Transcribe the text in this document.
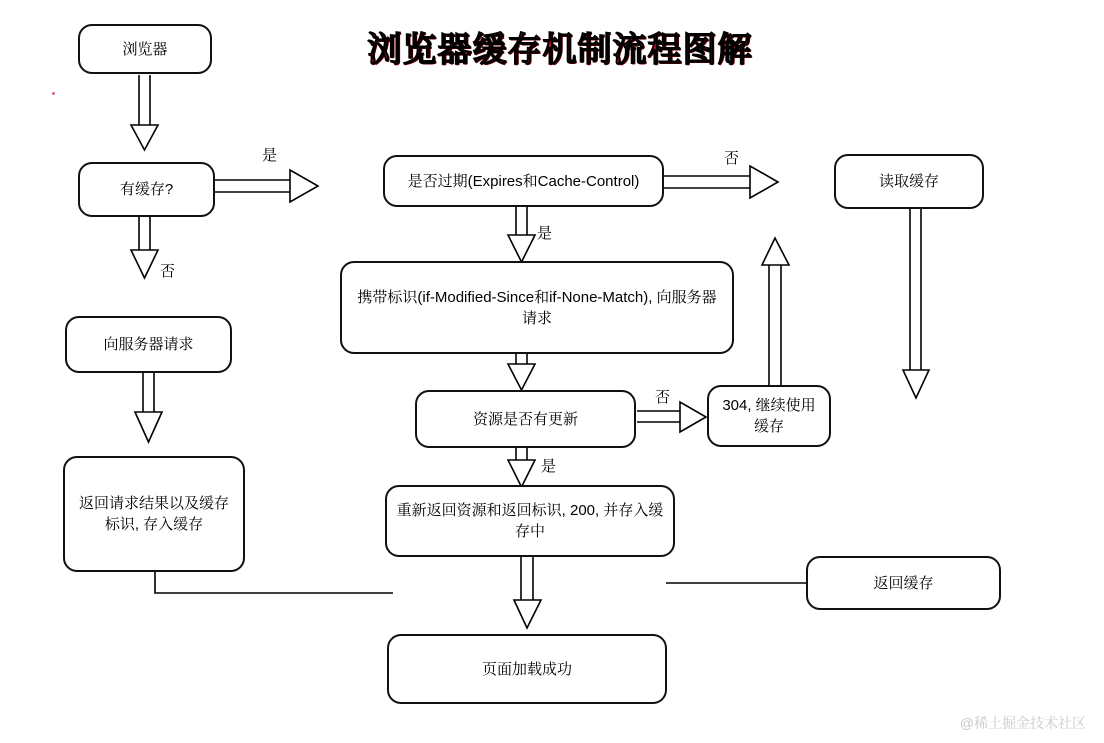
浏览器缓存机制流程图解
浏览器
有缓存?	是否过期(Expires和Cache-Control)	读取缓存
向服务器请求
携带标识(if-Modified-Since和if-None-Match), 向服务器请求
资源是否有更新
304, 继续使用缓存
返回请求结果以及缓存标识, 存入缓存
重新返回资源和返回标识, 200, 并存入缓存中
返回缓存
页面加载成功
是
否
否
是
否
是
@稀土掘金技术社区
